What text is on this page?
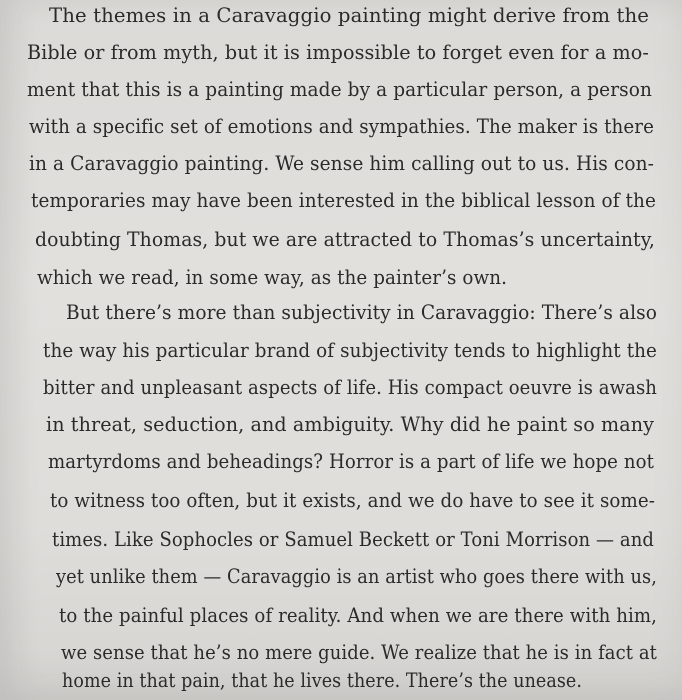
The themes in a Caravaggio painting might derive from the
Bible or from myth, but it is impossible to forget even for a mo-
ment that this is a painting made by a particular person, a person
with a specific set of emotions and sympathies. The maker is there
in a Caravaggio painting. We sense him calling out to us. His con-
temporaries may have been interested in the biblical lesson of the
doubting Thomas, but we are attracted to Thomas’s uncertainty,
which we read, in some way, as the painter’s own.
But there’s more than subjectivity in Caravaggio: There’s also
the way his particular brand of subjectivity tends to highlight the
bitter and unpleasant aspects of life. His compact oeuvre is awash
in threat, seduction, and ambiguity. Why did he paint so many
martyrdoms and beheadings? Horror is a part of life we hope not
to witness too often, but it exists, and we do have to see it some-
times. Like Sophocles or Samuel Beckett or Toni Morrison — and
yet unlike them — Caravaggio is an artist who goes there with us,
to the painful places of reality. And when we are there with him,
we sense that he’s no mere guide. We realize that he is in fact at
home in that pain, that he lives there. There’s the unease.
